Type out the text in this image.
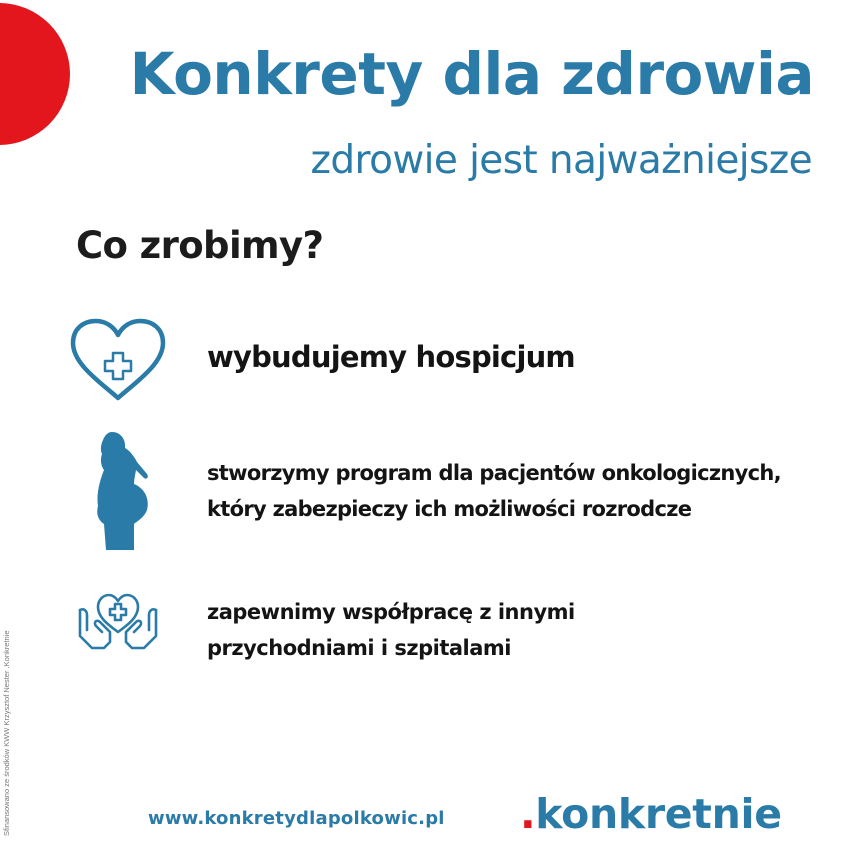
Konkrety dla zdrowia
zdrowie jest najważniejsze
Co zrobimy?
wybudujemy hospicjum
stworzymy program dla pacjentów onkologicznych,
który zabezpieczy ich możliwości rozrodcze
zapewnimy współpracę z innymi
przychodniami i szpitalami
Sfinansowano ze środków KWW Krzysztof Nester .Konkretnie	www.konkretydlapolkowic.pl .konkretnie
